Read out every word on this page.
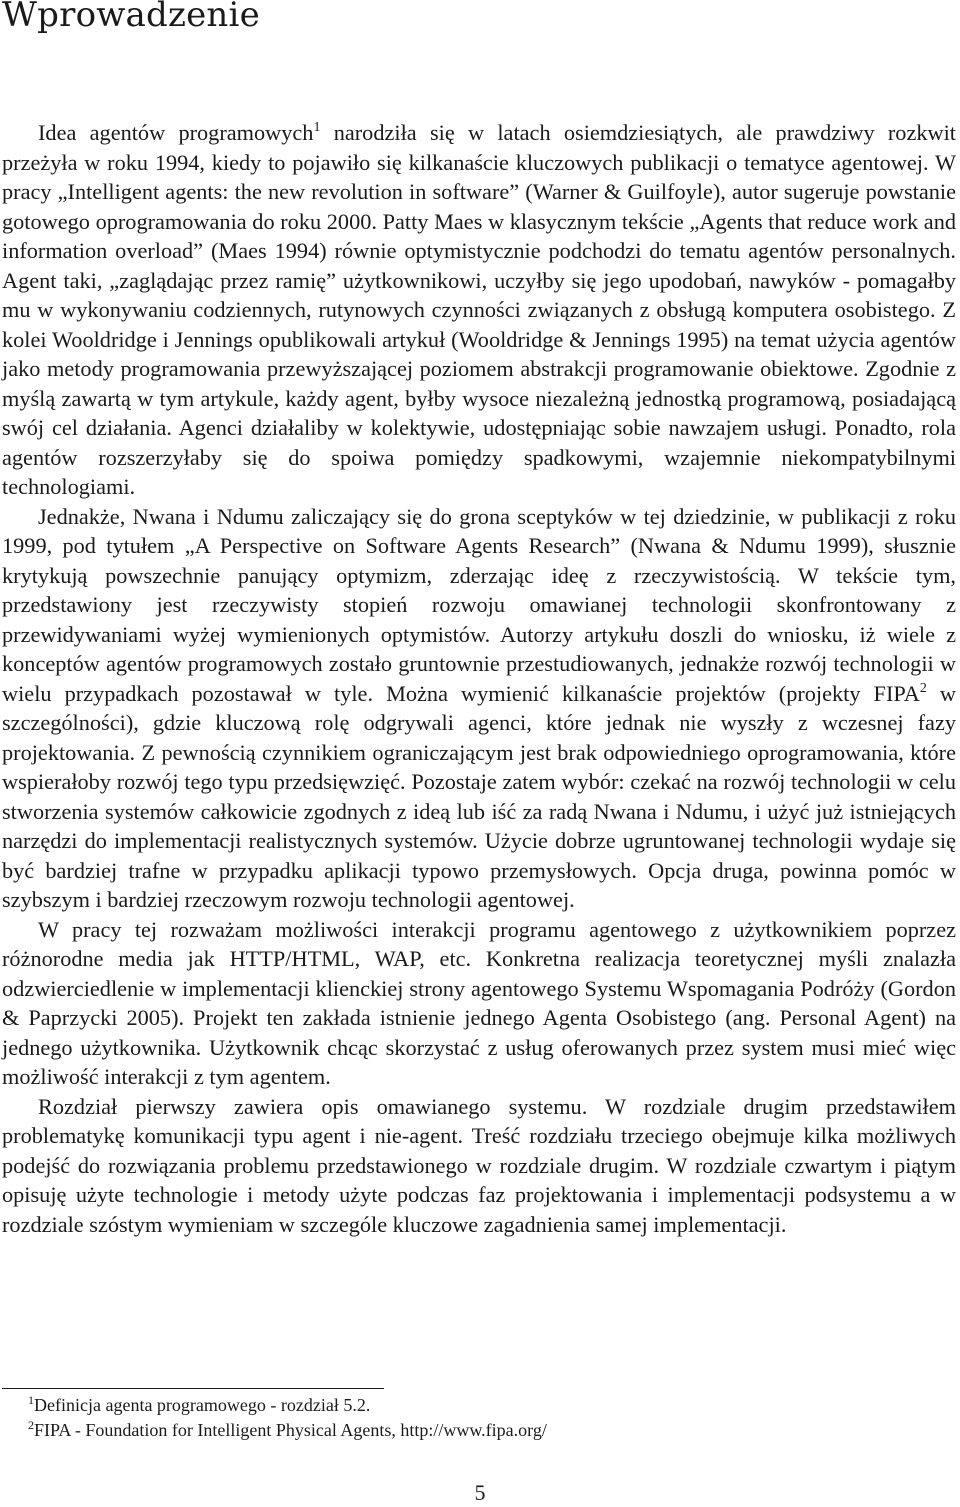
Wprowadzenie

Idea agentów programowych$^1$ narodziła się w latach osiemdziesiątych, ale prawdziwy rozkwit przeżyła w roku 1994, kiedy to pojawiło się kilkanaście kluczowych publikacji o tematyce agentowej. W pracy „Intelligent agents: the new revolution in software” (Warner & Guilfoyle), autor sugeruje powstanie gotowego oprogramowania do roku 2000. Patty Maes w klasycznym tekście „Agents that reduce work and information overload” (Maes 1994) równie optymistycznie podchodzi do tematu agentów personalnych. Agent taki, „zaglądając przez ramię” użytkownikowi, uczyłby się jego upodobań, nawyków - pomagałby mu w wykonywaniu codziennych, rutynowych czynności związanych z obsługą komputera osobistego. Z kolei Wooldridge i Jennings opublikowali artykuł (Wooldridge & Jennings 1995) na temat użycia agentów jako metody programowania przewyższającej poziomem abstrakcji programowanie obiektowe. Zgodnie z myślą zawartą w tym artykule, każdy agent, byłby wysoce niezależną jednostką programową, posiadającą swój cel działania. Agenci działaliby w kolektywie, udostępniając sobie nawzajem usługi. Ponadto, rola agentów rozszerzyłaby się do spoiwa pomiędzy spadkowymi, wzajemnie niekompatybilnymi technologiami.

Jednakże, Nwana i Ndumu zaliczający się do grona sceptyków w tej dziedzinie, w publikacji z roku 1999, pod tytułem „A Perspective on Software Agents Research” (Nwana & Ndumu 1999), słusznie krytykują powszechnie panujący optymizm, zderzając ideę z rzeczywistością. W tekście tym, przedstawiony jest rzeczywisty stopień rozwoju omawianej technologii skonfrontowany z przewidywaniami wyżej wymienionych optymistów. Autorzy artykułu doszli do wniosku, iż wiele z konceptów agentów programowych zostało gruntownie przestudiowanych, jednakże rozwój technologii w wielu przypadkach pozostawał w tyle. Można wymienić kilkanaście projektów (projekty FIPA$^2$ w szczególności), gdzie kluczową rolę odgrywali agenci, które jednak nie wyszły z wczesnej fazy projektowania. Z pewnością czynnikiem ograniczającym jest brak odpowiedniego oprogramowania, które wspierałoby rozwój tego typu przedsięwzięć. Pozostaje zatem wybór: czekać na rozwój technologii w celu stworzenia systemów całkowicie zgodnych z ideą lub iść za radą Nwana i Ndumu, i użyć już istniejących narzędzi do implementacji realistycznych systemów. Użycie dobrze ugruntowanej technologii wydaje się być bardziej trafne w przypadku aplikacji typowo przemysłowych. Opcja druga, powinna pomóc w szybszym i bardziej rzeczowym rozwoju technologii agentowej.

W pracy tej rozważam możliwości interakcji programu agentowego z użytkownikiem poprzez różnorodne media jak HTTP/HTML, WAP, etc. Konkretna realizacja teoretycznej myśli znalazła odzwierciedlenie w implementacji klienckiej strony agentowego Systemu Wspomagania Podróży (Gordon & Paprzycki 2005). Projekt ten zakłada istnienie jednego Agenta Osobistego (ang. Personal Agent) na jednego użytkownika. Użytkownik chcąc skorzystać z usług oferowanych przez system musi mieć więc możliwość interakcji z tym agentem.

Rozdział pierwszy zawiera opis omawianego systemu. W rozdziale drugim przedstawiłem problematykę komunikacji typu agent i nie-agent. Treść rozdziału trzeciego obejmuje kilka możliwych podejść do rozwiązania problemu przedstawionego w rozdziale drugim. W rozdziale czwartym i piątym opisuję użyte technologie i metody użyte podczas faz projektowania i implementacji podsystemu a w rozdziale szóstym wymieniam w szczególe kluczowe zagadnienia samej implementacji.

$^1$Definicja agenta programowego - rozdział 5.2.

$^2$FIPA - Foundation for Intelligent Physical Agents, http://www.fipa.org/

5
